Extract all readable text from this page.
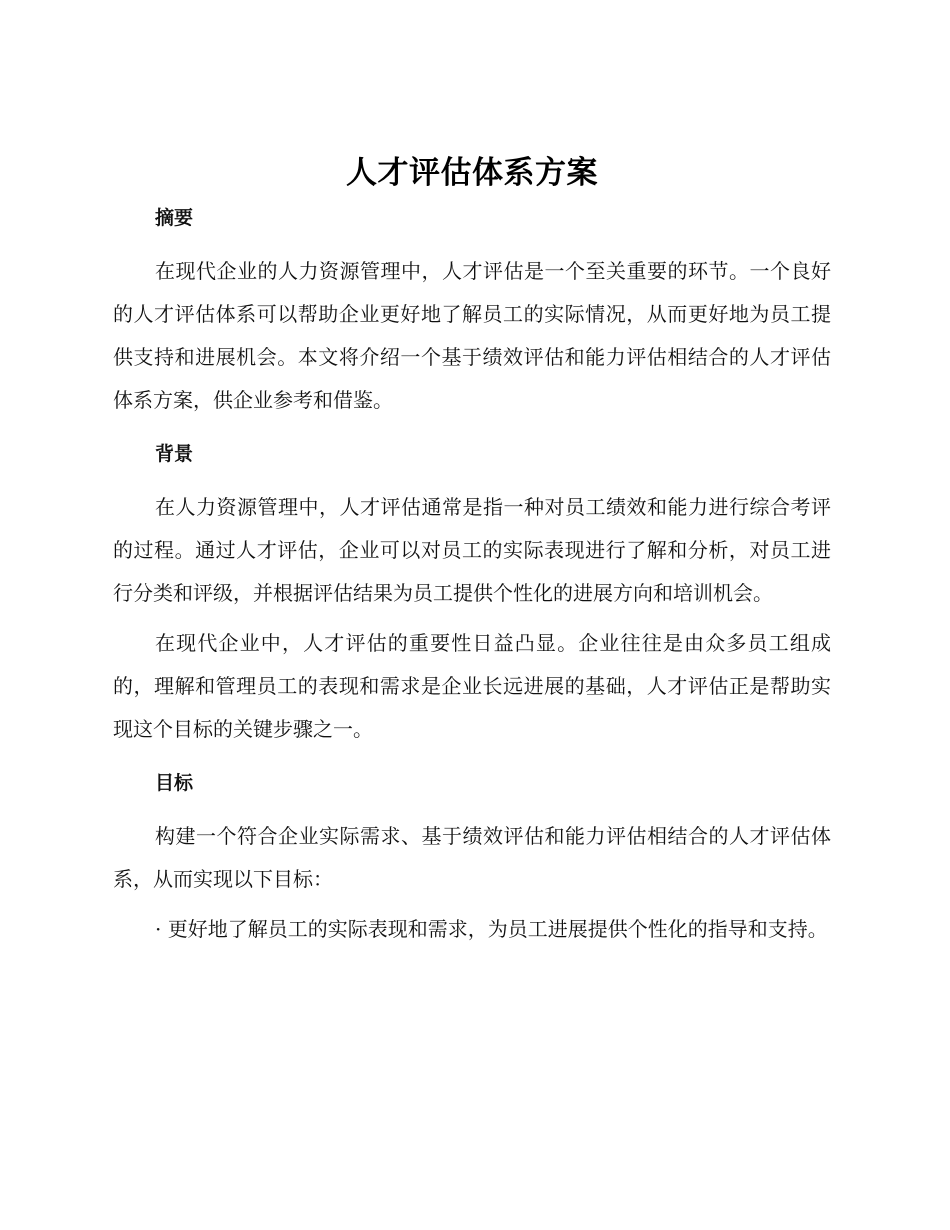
人才评估体系方案
摘要

在现代企业的人力资源管理中，人才评估是一个至关重要的环节。一个良好的人才评估体系可以帮助企业更好地了解员工的实际情况，从而更好地为员工提供支持和进展机会。本文将介绍一个基于绩效评估和能力评估相结合的人才评估体系方案，供企业参考和借鉴。

背景

在人力资源管理中，人才评估通常是指一种对员工绩效和能力进行综合考评的过程。通过人才评估，企业可以对员工的实际表现进行了解和分析，对员工进行分类和评级，并根据评估结果为员工提供个性化的进展方向和培训机会。

在现代企业中，人才评估的重要性日益凸显。企业往往是由众多员工组成的，理解和管理员工的表现和需求是企业长远进展的基础，人才评估正是帮助实现这个目标的关键步骤之一。

目标

构建一个符合企业实际需求、基于绩效评估和能力评估相结合的人才评估体系，从而实现以下目标：

· 更好地了解员工的实际表现和需求，为员工进展提供个性化的指导和支持。
